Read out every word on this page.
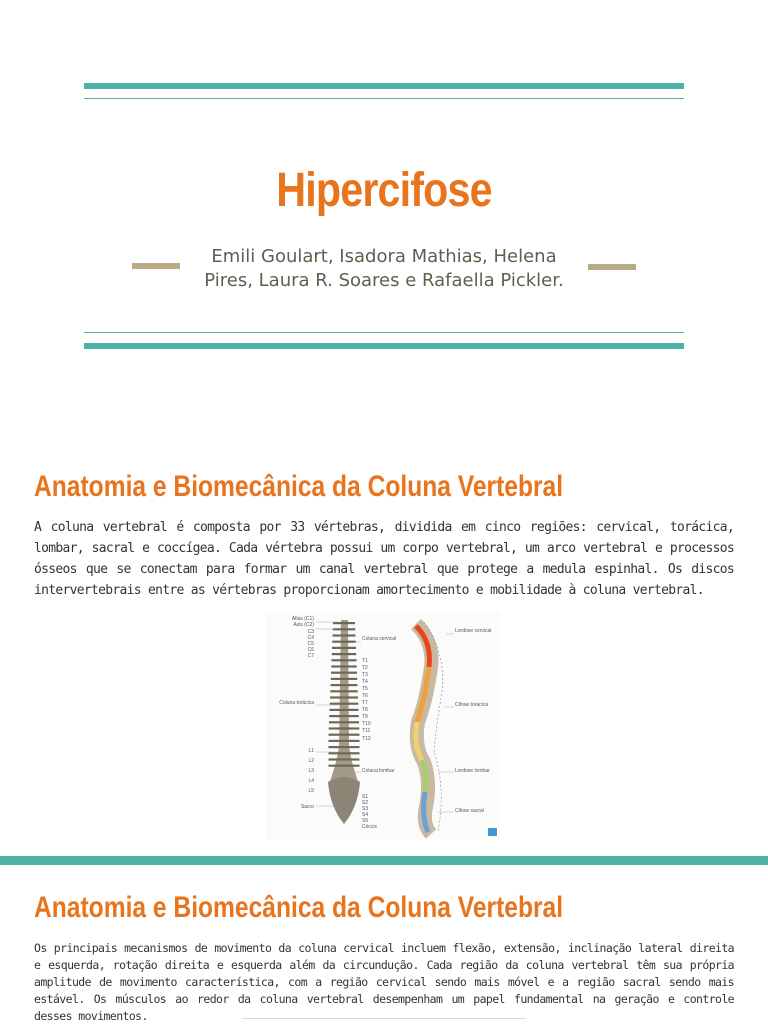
Hipercifose
Emili Goulart, Isadora Mathias, Helena Pires, Laura R. Soares e Rafaella Pickler.
Anatomia e Biomecânica da Coluna Vertebral
A coluna vertebral é composta por 33 vértebras, dividida em cinco regiões: cervical, torácica, lombar, sacral e coccígea. Cada vértebra possui um corpo vertebral, um arco vertebral e processos ósseos que se conectam para formar um canal vertebral que protege a medula espinhal. Os discos intervertebrais entre as vértebras proporcionam amortecimento e mobilidade à coluna vertebral.
Atlas (C1)
Axis (C2)
C3
C4
C5
C6
C7
Coluna torácica
L1
L2
L3
L4
L5
Sacro
Coluna cervical
T1
T2
T3
T4
T5
T6
T7
T8
T9
T10
T11
T12
Coluna lombar
S1
S2
S3
S4
S5
Cóccix
Lordose cervical
Cifose torácica
Lordose lombar
Cifose sacral
Anatomia e Biomecânica da Coluna Vertebral
Os principais mecanismos de movimento da coluna cervical incluem flexão, extensão, inclinação lateral direita e esquerda, rotação direita e esquerda além da circundução. Cada região da coluna vertebral têm sua própria amplitude de movimento característica, com a região cervical sendo mais móvel e a região sacral sendo mais estável. Os músculos ao redor da coluna vertebral desempenham um papel fundamental na geração e controle desses movimentos.
